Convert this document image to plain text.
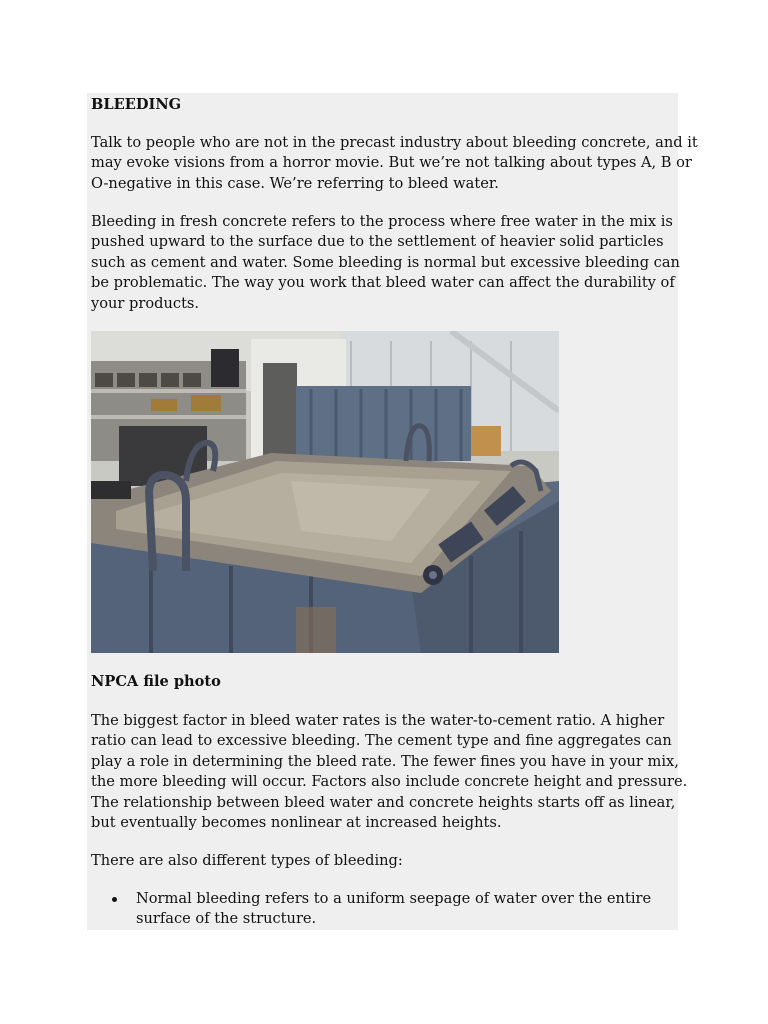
BLEEDING

Talk to people who are not in the precast industry about bleeding concrete, and it
may evoke visions from a horror movie. But we’re not talking about types A, B or
O-negative in this case. We’re referring to bleed water.

Bleeding in fresh concrete refers to the process where free water in the mix is
pushed upward to the surface due to the settlement of heavier solid particles
such as cement and water. Some bleeding is normal but excessive bleeding can
be problematic. The way you work that bleed water can affect the durability of
your products.

NPCA file photo

The biggest factor in bleed water rates is the water-to-cement ratio. A higher
ratio can lead to excessive bleeding. The cement type and fine aggregates can
play a role in determining the bleed rate. The fewer fines you have in your mix,
the more bleeding will occur. Factors also include concrete height and pressure.
The relationship between bleed water and concrete heights starts off as linear,
but eventually becomes nonlinear at increased heights.

There are also different types of bleeding:

Normal bleeding refers to a uniform seepage of water over the entire
surface of the structure.
